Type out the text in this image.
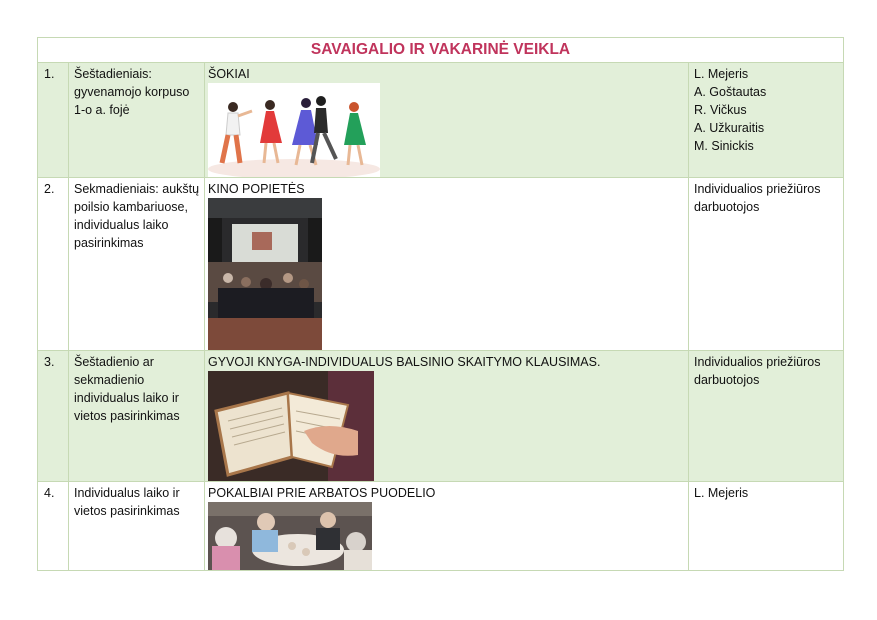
SAVAIGALIO IR VAKARINĖ VEIKLA			
1.	Šeštadieniais: gyvenamojo korpuso 1-o a. fojė	ŠOKIAI	L. Mejeris
A. Goštautas
R. Vičkus
A. Užkuraitis
M. Sinickis

2.	Sekmadieniais: aukštų poilsio kambariuose, individualus laiko pasirinkimas	KINO POPIETĖS	Individualios priežiūros darbuotojos

3.	Šeštadienio ar sekmadienio individualus laiko ir vietos pasirinkimas	GYVOJI KNYGA-INDIVIDUALUS BALSINIO SKAITYMO KLAUSIMAS.	Individualios priežiūros darbuotojos

4.	Individualus laiko ir vietos pasirinkimas	POKALBIAI PRIE ARBATOS PUODELIO	L. Mejeris
